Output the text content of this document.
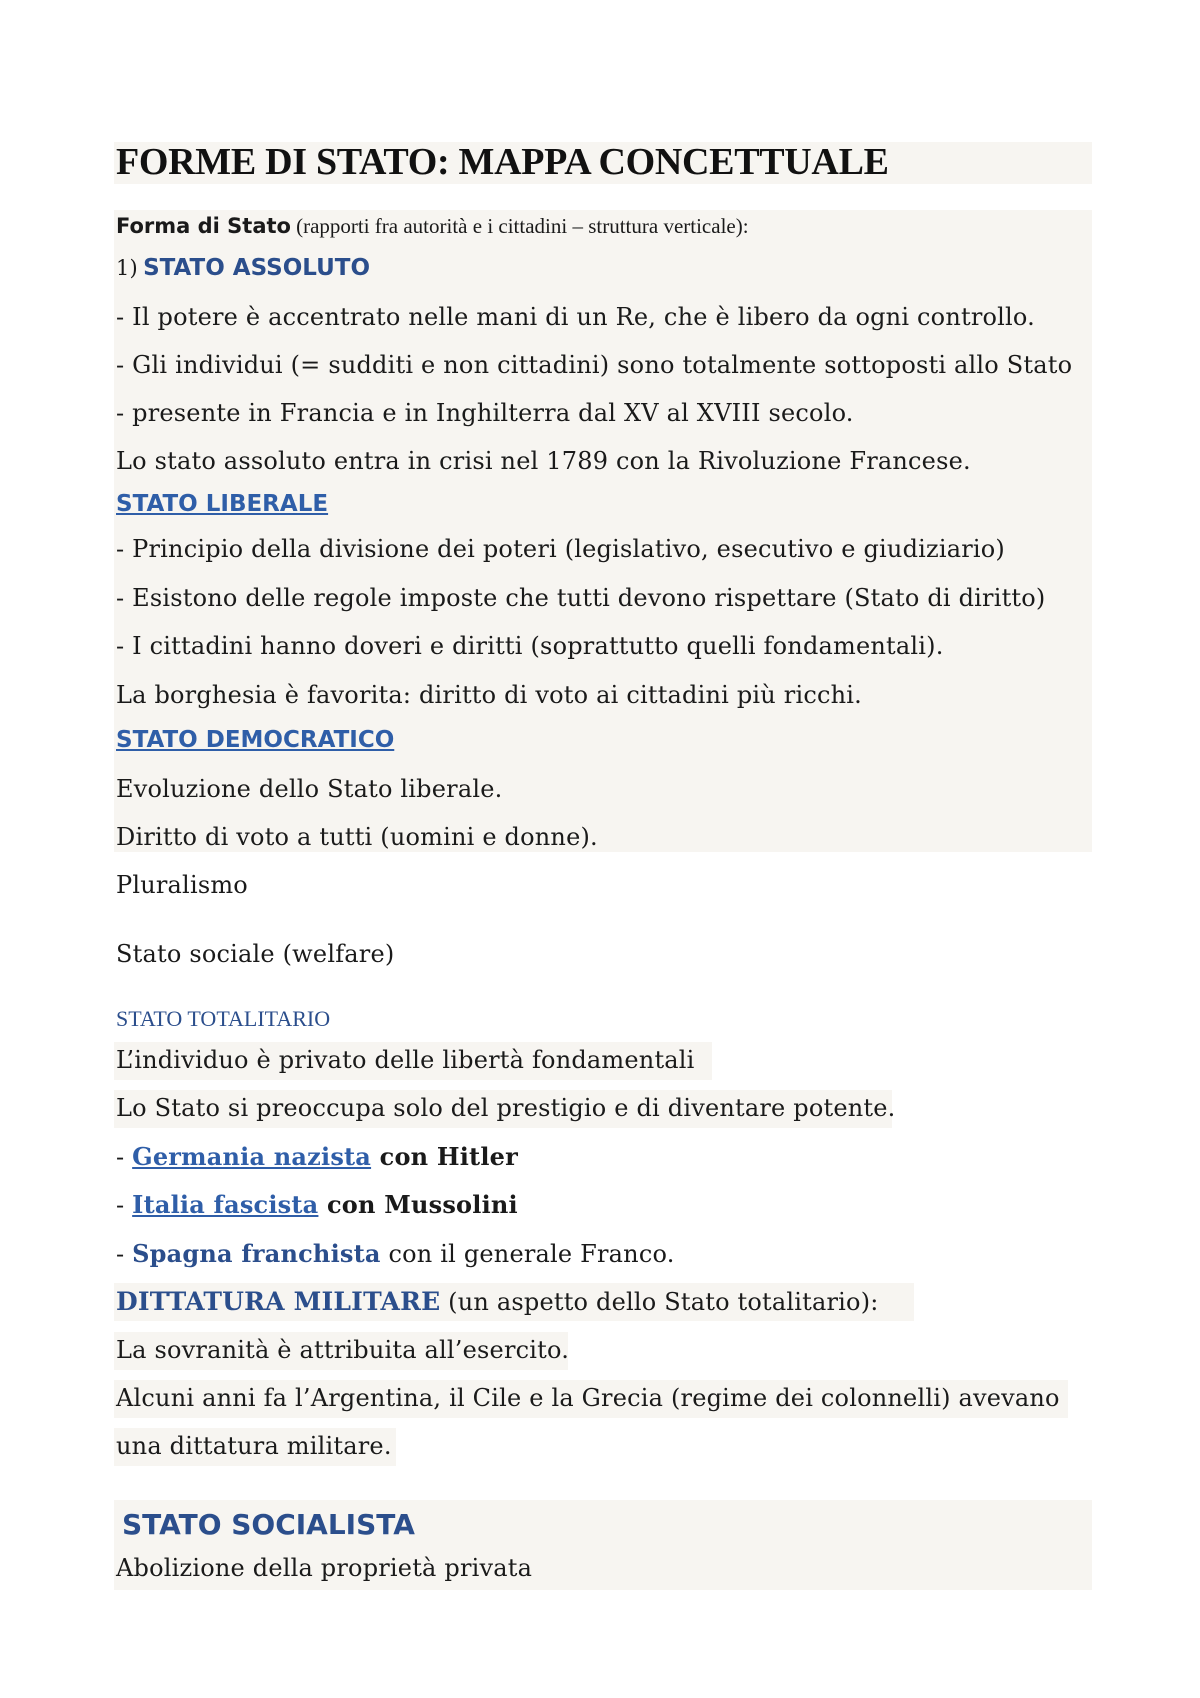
FORME DI STATO: MAPPA CONCETTUALE
Forma di Stato (rapporti fra autorità e i cittadini – struttura verticale):
1) STATO ASSOLUTO
- Il potere è accentrato nelle mani di un Re, che è libero da ogni controllo.
- Gli individui (= sudditi e non cittadini) sono totalmente sottoposti allo Stato
- presente in Francia e in Inghilterra dal XV al XVIII secolo.
Lo stato assoluto entra in crisi nel 1789 con la Rivoluzione Francese.
STATO LIBERALE
- Principio della divisione dei poteri (legislativo, esecutivo e giudiziario)
- Esistono delle regole imposte che tutti devono rispettare (Stato di diritto)
- I cittadini hanno doveri e diritti (soprattutto quelli fondamentali).
La borghesia è favorita: diritto di voto ai cittadini più ricchi.
STATO DEMOCRATICO
Evoluzione dello Stato liberale.
Diritto di voto a tutti (uomini e donne).
Pluralismo
Stato sociale (welfare)
STATO TOTALITARIO
L’individuo è privato delle libertà fondamentali
Lo Stato si preoccupa solo del prestigio e di diventare potente.
- Germania nazista con Hitler
- Italia fascista con Mussolini
- Spagna franchista con il generale Franco.
DITTATURA MILITARE (un aspetto dello Stato totalitario):
La sovranità è attribuita all’esercito.
Alcuni anni fa l’Argentina, il Cile e la Grecia (regime dei colonnelli) avevano
una dittatura militare.
STATO SOCIALISTA
Abolizione della proprietà privata
